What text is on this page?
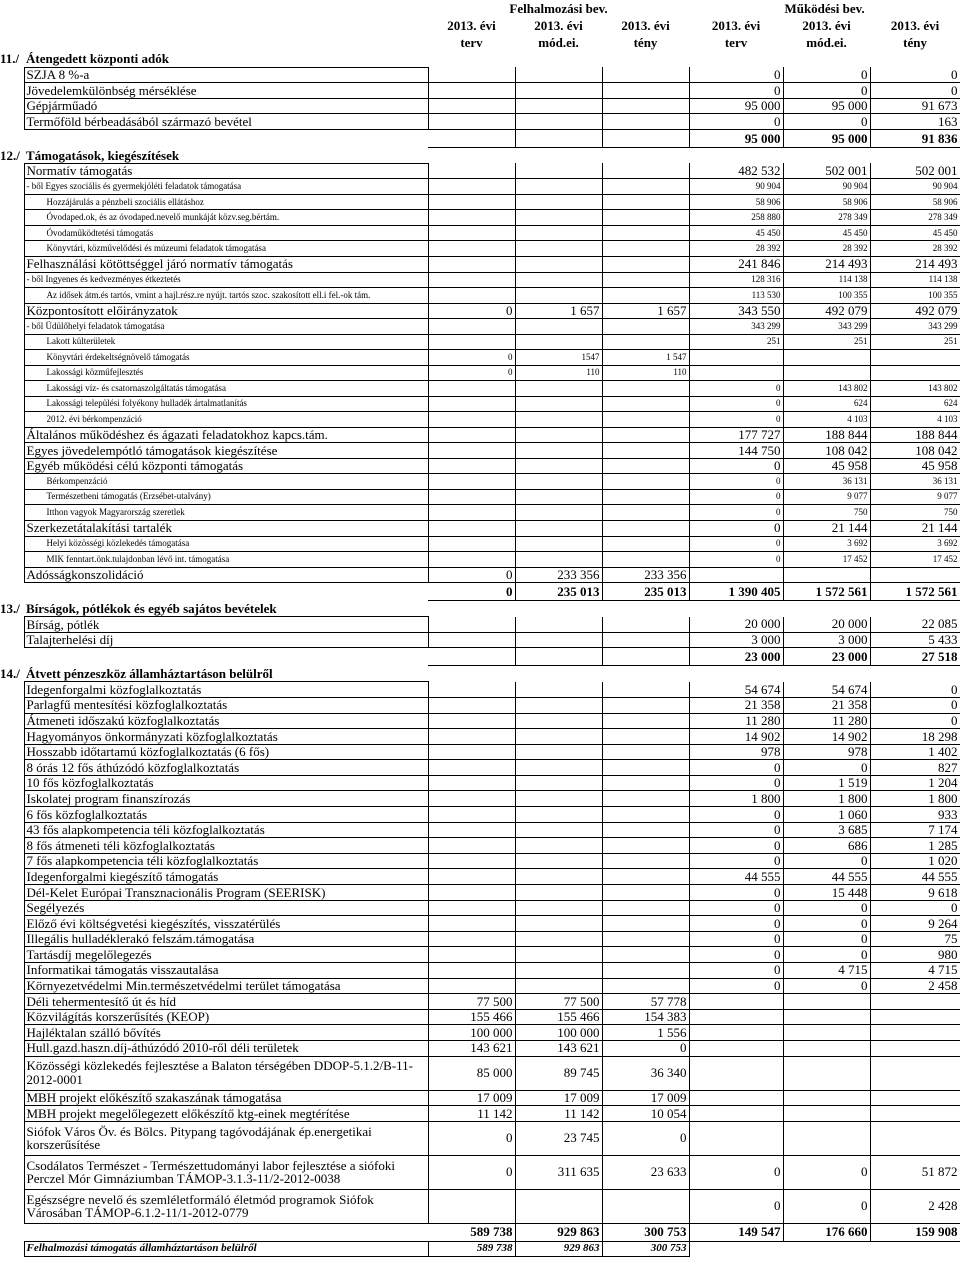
		Felhalmozási bev.			Működési bev.		
		2013. évi	2013. évi	2013. évi	2013. évi	2013. évi	2013. évi
		terv	mód.ei.	tény	terv	mód.ei.	tény
11./	Átengedett központi adók						
	SZJA 8 %-a				0	0	0
	Jövedelemkülönbség mérséklése				0	0	0
	Gépjárműadó				95 000	95 000	91 673
	Termőföld bérbeadásából származó bevétel				0	0	163
					95 000	95 000	91 836
12./	Támogatások, kiegészítések						
	Normatív támogatás				482 532	502 001	502 001
	- ből Egyes szociális és gyermekjóléti feladatok támogatása				90 904	90 904	90 904
	Hozzájárulás a pénzbeli szociális ellátáshoz				58 906	58 906	58 906
	Óvodaped.ok, és az óvodaped.nevelő munkáját közv.seg.bértám.				258 880	278 349	278 349
	Óvodaműködtetési támogatás				45 450	45 450	45 450
	Könyvtári, közművelődési és múzeumi feladatok támogatása				28 392	28 392	28 392
	Felhasználási kötöttséggel járó normatív támogatás				241 846	214 493	214 493
	- ből Ingyenes és kedvezményes étkeztetés				128 316	114 138	114 138
	Az idősek átm.és tartós, vmint a hajl.rész.re nyújt. tartós szoc. szakosított ell.i fel.-ok tám.				113 530	100 355	100 355
	Központosított előirányzatok	0	1 657	1 657	343 550	492 079	492 079
	- ből Üdülőhelyi feladatok támogatása				343 299	343 299	343 299
	Lakott külterületek				251	251	251
	Könyvtári érdekeltségnövelő támogatás	0	1547	1 547			
	Lakossági közműfejlesztés	0	110	110			
	Lakossági víz- és csatornaszolgáltatás támogatása				0	143 802	143 802
	Lakossági települési folyékony hulladék ártalmatlanítás				0	624	624
	2012. évi bérkompenzáció				0	4 103	4 103
	Általános működéshez és ágazati feladatokhoz kapcs.tám.				177 727	188 844	188 844
	Egyes jövedelempótló támogatások kiegészítése				144 750	108 042	108 042
	Egyéb működési célú központi támogatás				0	45 958	45 958
	Bérkompenzáció				0	36 131	36 131
	Természetbeni támogatás (Erzsébet-utalvány)				0	9 077	9 077
	Itthon vagyok Magyarország szeretlek				0	750	750
	Szerkezetátalakítási tartalék				0	21 144	21 144
	Helyi közösségi közlekedés támogatása				0	3 692	3 692
	MIK fenntart.önk.tulajdonban lévő int. támogatása				0	17 452	17 452
	Adósságkonszolidáció	0	233 356	233 356			
		0	235 013	235 013	1 390 405	1 572 561	1 572 561
13./	Bírságok, pótlékok és egyéb sajátos bevételek						
	Bírság, pótlék				20 000	20 000	22 085
	Talajterhelési díj				3 000	3 000	5 433
					23 000	23 000	27 518
14./	Átvett pénzeszköz államháztartáson belülről						
	Idegenforgalmi közfoglalkoztatás				54 674	54 674	0
	Parlagfű mentesítési közfoglalkoztatás				21 358	21 358	0
	Átmeneti időszakú közfoglalkoztatás				11 280	11 280	0
	Hagyományos önkormányzati közfoglalkoztatás				14 902	14 902	18 298
	Hosszabb időtartamú közfoglalkoztatás (6 fős)				978	978	1 402
	8 órás 12 fős áthúzódó közfoglalkoztatás				0	0	827
	10 fős közfoglalkoztatás				0	1 519	1 204
	Iskolatej program finanszírozás				1 800	1 800	1 800
	6 fős közfoglalkoztatás				0	1 060	933
	43 fős alapkompetencia téli közfoglalkoztatás				0	3 685	7 174
	8 fős átmeneti téli közfoglalkoztatás				0	686	1 285
	7 fős alapkompetencia téli közfoglalkoztatás				0	0	1 020
	Idegenforgalmi kiegészítő támogatás				44 555	44 555	44 555
	Dél-Kelet Európai Transznacionális Program (SEERISK)				0	15 448	9 618
	Segélyezés				0	0	0
	Előző évi költségvetési kiegészítés, visszatérülés				0	0	9 264
	Illegális hulladéklerakó felszám.támogatása				0	0	75
	Tartásdíj megelőlegezés				0	0	980
	Informatikai támogatás visszautalása				0	4 715	4 715
	Környezetvédelmi Min.természetvédelmi terület támogatása				0	0	2 458
	Déli tehermentesítő út és híd	77 500	77 500	57 778			
	Közvilágítás korszerűsítés (KEOP)	155 466	155 466	154 383			
	Hajléktalan szálló bővítés	100 000	100 000	1 556			
	Hull.gazd.haszn.díj-áthúzódó 2010-ről déli területek	143 621	143 621	0			
	Közösségi közlekedés fejlesztése a Balaton térségében DDOP-5.1.2/B-11-2012-0001	85 000	89 745	36 340			
	MBH projekt előkészítő szakaszának támogatása	17 009	17 009	17 009			
	MBH projekt megelőlegezett előkészítő ktg-einek megtérítése	11 142	11 142	10 054			
	Siófok Város Öv. és Bölcs. Pitypang tagóvodájának ép.energetikai korszerűsítése	0	23 745	0			
	Csodálatos Természet - Természettudományi labor fejlesztése a siófoki Perczel Mór Gimnáziumban TÁMOP-3.1.3-11/2-2012-0038	0	311 635	23 633	0	0	51 872
	Egészségre nevelő és szemléletformáló életmód programok Siófok Városában TÁMOP-6.1.2-11/1-2012-0779				0	0	2 428
		589 738	929 863	300 753	149 547	176 660	159 908
	Felhalmozási támogatás államháztartáson belülről	589 738	929 863	300 753			
